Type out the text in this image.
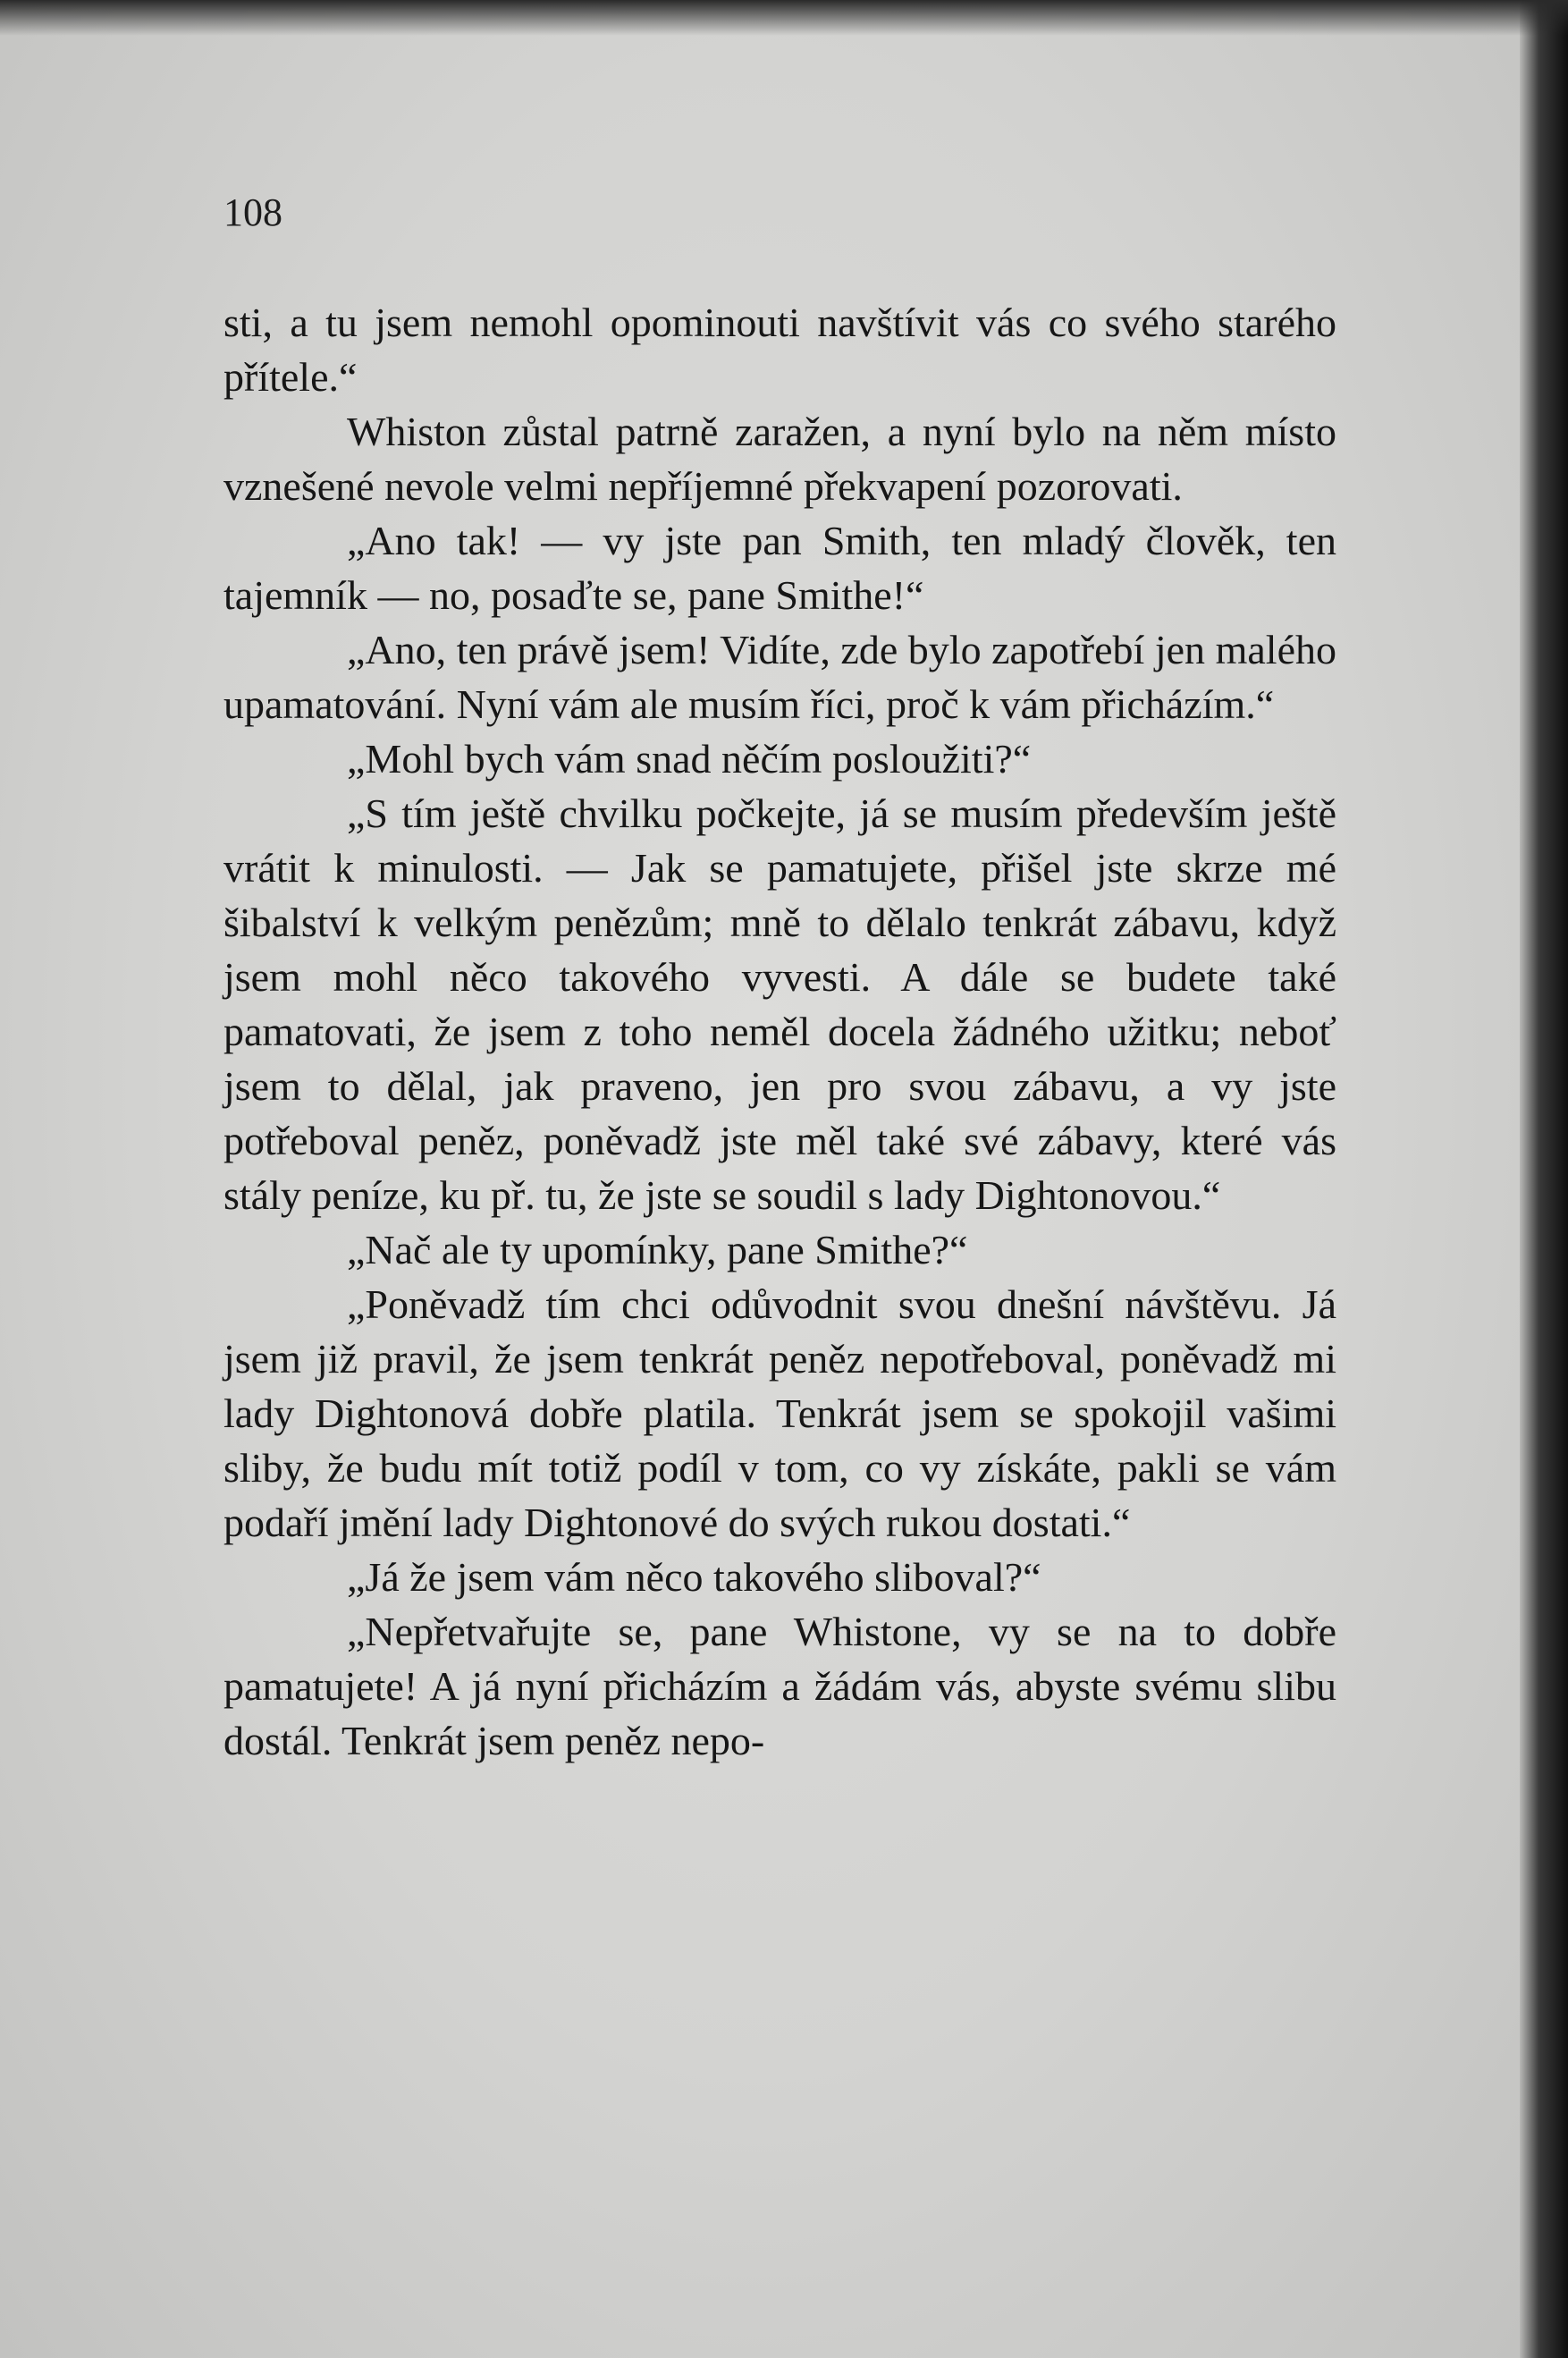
108

sti, a tu jsem nemohl opominouti navštívit vás co svého starého přítele.“

Whiston zůstal patrně zaražen, a nyní bylo na něm místo vznešené nevole velmi nepříjemné překvapení pozorovati.

„Ano tak! — vy jste pan Smith, ten mladý člověk, ten tajemník — no, posaďte se, pane Smithe!“

„Ano, ten právě jsem! Vidíte, zde bylo zapotřebí jen malého upamatování. Nyní vám ale musím říci, proč k vám přicházím.“

„Mohl bych vám snad něčím posloužiti?“

„S tím ještě chvilku počkejte, já se musím především ještě vrátit k minulosti. — Jak se pamatujete, přišel jste skrze mé šibalství k velkým penězům; mně to dělalo tenkrát zábavu, když jsem mohl něco takového vyvesti. A dále se budete také pamatovati, že jsem z toho neměl docela žádného užitku; neboť jsem to dělal, jak praveno, jen pro svou zábavu, a vy jste potřeboval peněz, poněvadž jste měl také své zábavy, které vás stály peníze, ku př. tu, že jste se soudil s lady Dightonovou.“

„Nač ale ty upomínky, pane Smithe?“

„Poněvadž tím chci odůvodnit svou dnešní návštěvu. Já jsem již pravil, že jsem tenkrát peněz nepotřeboval, poněvadž mi lady Dightonová dobře platila. Tenkrát jsem se spokojil vašimi sliby, že budu mít totiž podíl v tom, co vy získáte, pakli se vám podaří jmění lady Dightonové do svých rukou dostati.“

„Já že jsem vám něco takového sliboval?“

„Nepřetvařujte se, pane Whistone, vy se na to dobře pamatujete! A já nyní přicházím a žádám vás, abyste svému slibu dostál. Tenkrát jsem peněz nepo-
